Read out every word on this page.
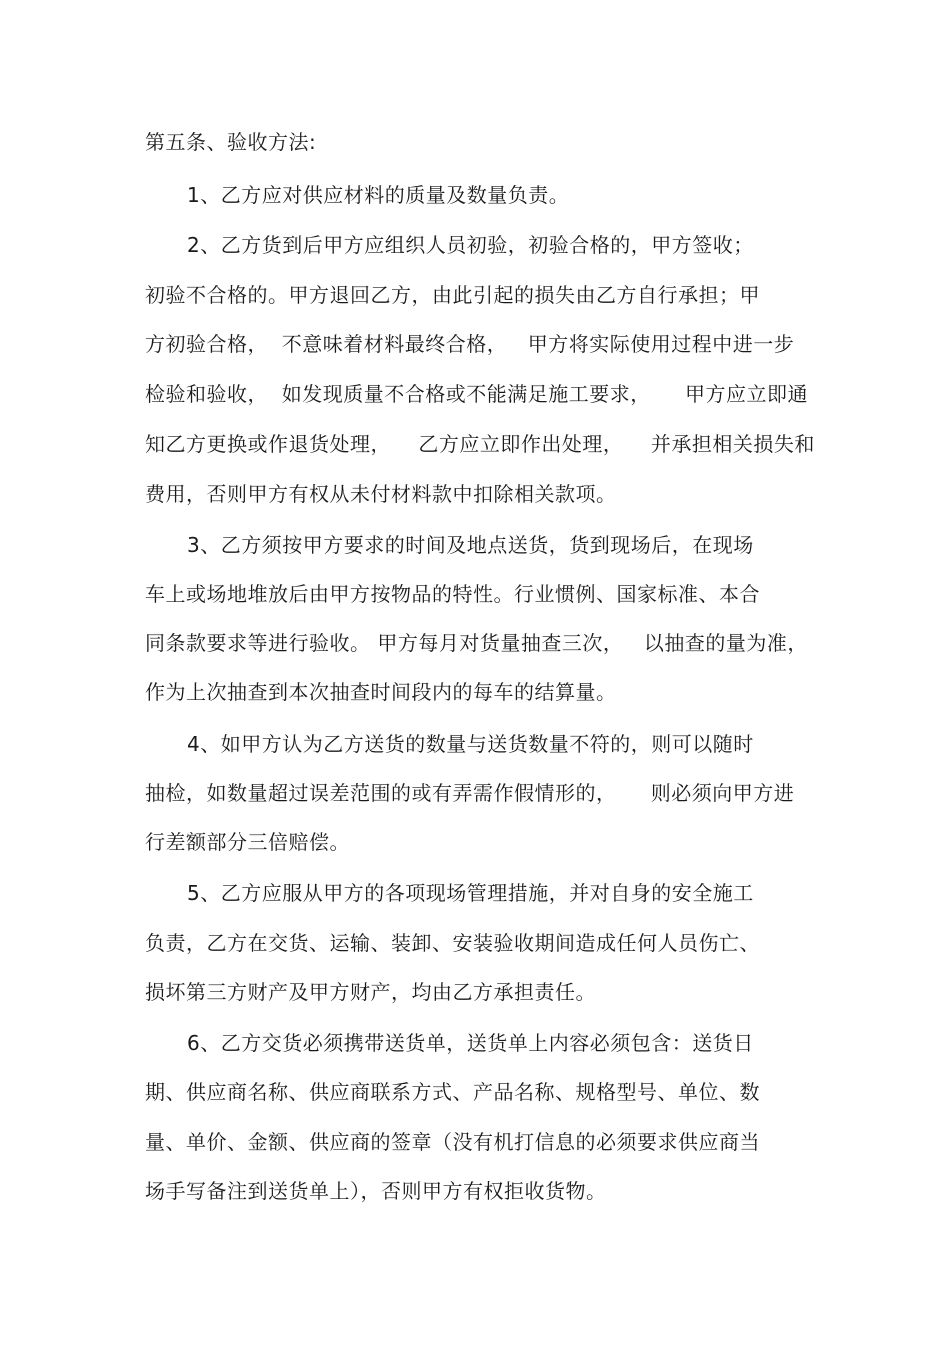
第五条、验收方法:
1、乙方应对供应材料的质量及数量负责。
2、乙方货到后甲方应组织人员初验，初验合格的，甲方签收；
初验不合格的。甲方退回乙方，由此引起的损失由乙方自行承担；甲
方初验合格，  不意味着材料最终合格，   甲方将实际使用过程中进一步
检验和验收，  如发现质量不合格或不能满足施工要求，     甲方应立即通
知乙方更换或作退货处理，    乙方应立即作出处理，    并承担相关损失和
费用，否则甲方有权从未付材料款中扣除相关款项。
3、乙方须按甲方要求的时间及地点送货，货到现场后，在现场
车上或场地堆放后由甲方按物品的特性。行业惯例、国家标准、本合
同条款要求等进行验收。 甲方每月对货量抽查三次，   以抽查的量为准，
作为上次抽查到本次抽查时间段内的每车的结算量。
4、如甲方认为乙方送货的数量与送货数量不符的，则可以随时
抽检，如数量超过误差范围的或有弄需作假情形的，     则必须向甲方进
行差额部分三倍赔偿。
5、乙方应服从甲方的各项现场管理措施，并对自身的安全施工
负责，乙方在交货、运输、装卸、安装验收期间造成任何人员伤亡、
损坏第三方财产及甲方财产，均由乙方承担责任。
6、乙方交货必须携带送货单，送货单上内容必须包含：送货日
期、供应商名称、供应商联系方式、产品名称、规格型号、单位、数
量、单价、金额、供应商的签章（没有机打信息的必须要求供应商当
场手写备注到送货单上），否则甲方有权拒收货物。
